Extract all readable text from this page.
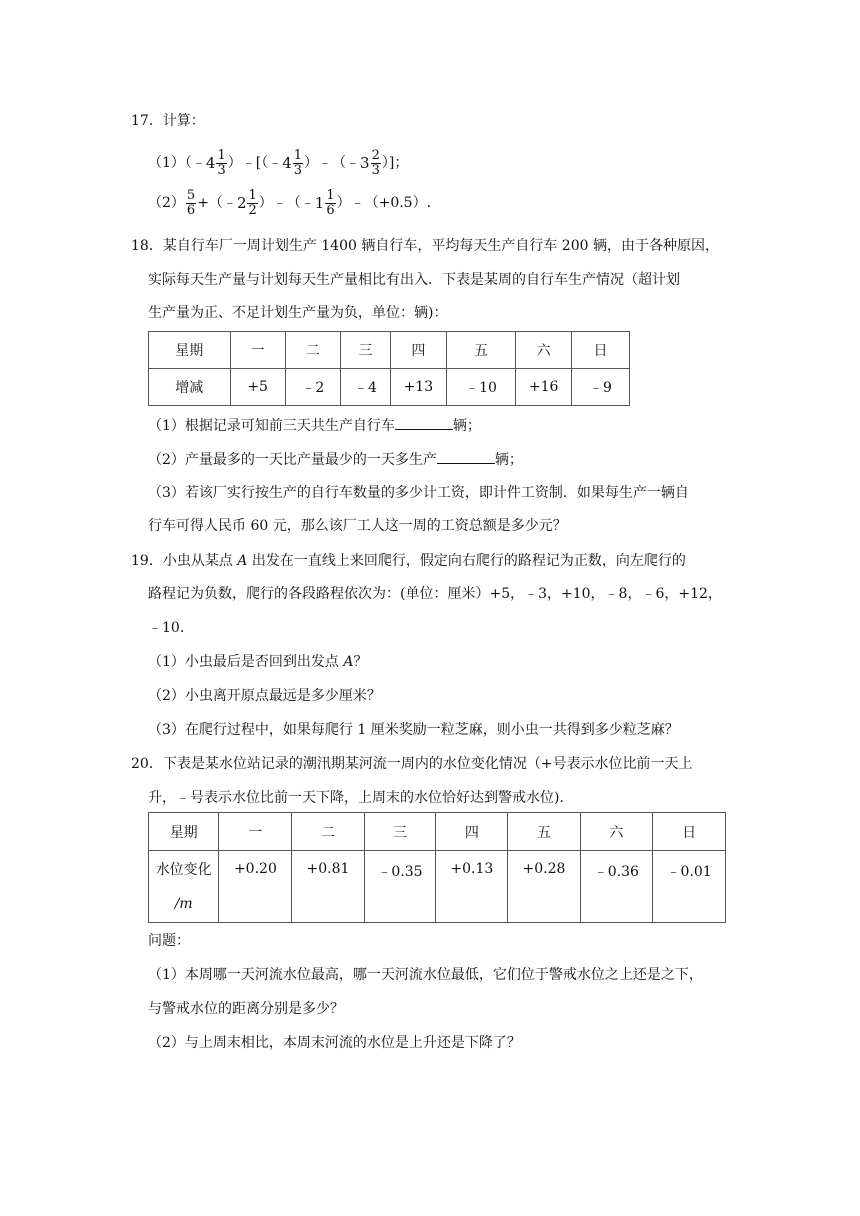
17．计算：
（1）（﹣4 $\frac{1}{3}$ ）﹣[（﹣4 $\frac{1}{3}$ ）﹣（﹣3 $\frac{2}{3}$ ）]；
$(2) \frac{5}{6}$ +（﹣2 $\frac{1}{2}$ ）﹣（﹣1 $\frac{1}{6}$ ）﹣（+0.5）.
18．某自行车厂一周计划生产 1400 辆自行车，平均每天生产自行车 200 辆，由于各种原因，
实际每天生产量与计划每天生产量相比有出入．下表是某周的自行车生产情况（超计划
生产量为正、不足计划生产量为负，单位：辆)：
星期	一	二	三	四	五	六	日
增减	+5	﹣2	﹣4	+13	﹣10	+16	﹣9
（1）根据记录可知前三天共生产自行车	辆；
（2）产量最多的一天比产量最少的一天多生产	辆；
（3）若该厂实行按生产的自行车数量的多少计工资，即计件工资制．如果每生产一辆自
行车可得人民币 60 元，那么该厂工人这一周的工资总额是多少元？
19．小虫从某点 A 出发在一直线上来回爬行，假定向右爬行的路程记为正数，向左爬行的
路程记为负数，爬行的各段路程依次为：(单位：厘米）+5，﹣3，+10，﹣8，﹣6，+12，
﹣10.
（1）小虫最后是否回到出发点 A？
（2）小虫离开原点最远是多少厘米？
（3）在爬行过程中，如果每爬行 1 厘米奖励一粒芝麻，则小虫一共得到多少粒芝麻？
20．下表是某水位站记录的潮汛期某河流一周内的水位变化情况（+号表示水位比前一天上
升，﹣号表示水位比前一天下降，上周末的水位恰好达到警戒水位)．
星期	一	二	三	四	五	六	日

水位变化
/m	+0.20	+0.81	﹣0.35	+0.13	+0.28	﹣0.36	﹣0.01
问题：
（1）本周哪一天河流水位最高，哪一天河流水位最低，它们位于警戒水位之上还是之下，
与警戒水位的距离分别是多少？
（2）与上周末相比，本周末河流的水位是上升还是下降了？
